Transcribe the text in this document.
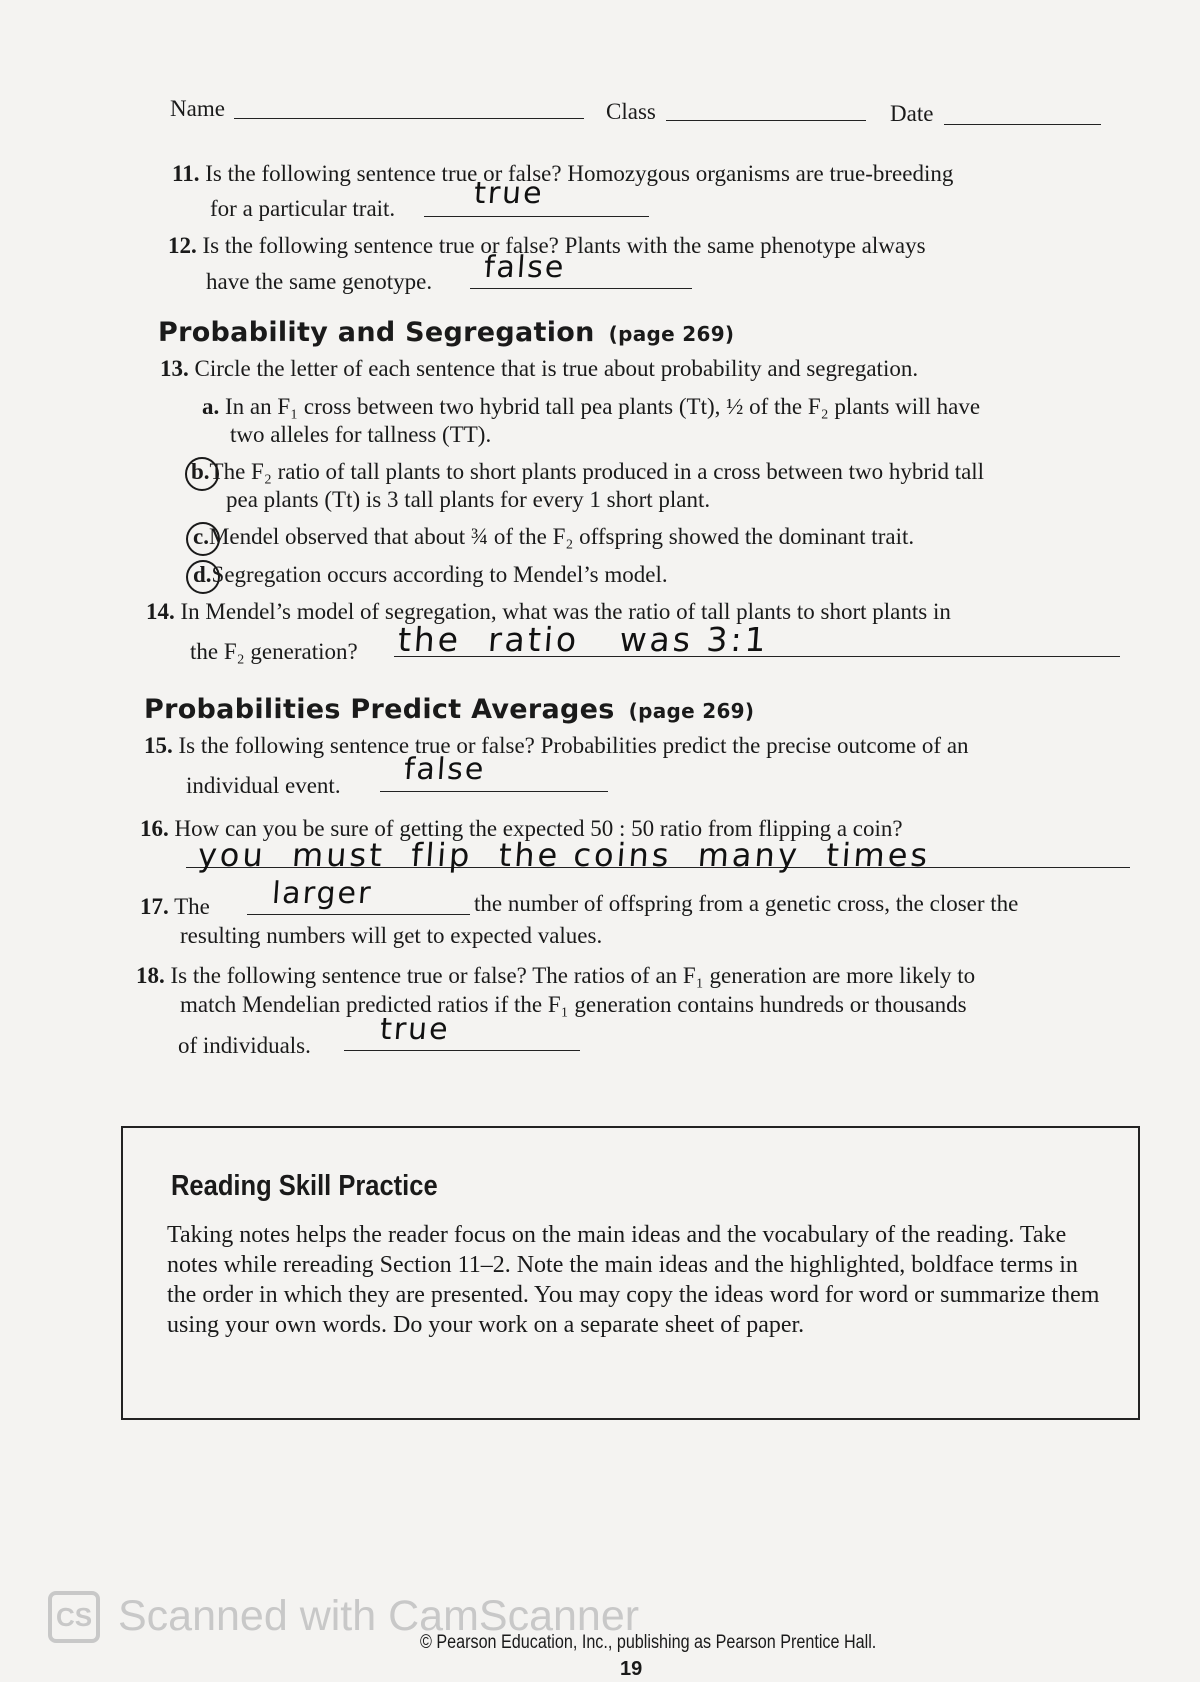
Name	Class	Date
11. Is the following sentence true or false? Homozygous organisms are true-breeding
for a particular trait.	true
12. Is the following sentence true or false? Plants with the same phenotype always
have the same genotype. false
Probability and Segregation (page 269)
13. Circle the letter of each sentence that is true about probability and segregation.
a. In an F₁ cross between two hybrid tall pea plants (Tt), ½ of the F₂ plants will have
two alleles for tallness (TT).
b.The F₂ ratio of tall plants to short plants produced in a cross between two hybrid tall
pea plants (Tt) is 3 tall plants for every 1 short plant.
c.Mendel observed that about ¾ of the F₂ offspring showed the dominant trait.
d.Segregation occurs according to Mendel’s model.
14. In Mendel’s model of segregation, what was the ratio of tall plants to short plants in
the F₂ generation? the  ratio   was 3:1
Probabilities Predict Averages (page 269)
15. Is the following sentence true or false? Probabilities predict the precise outcome of an
individual event. false
16. How can you be sure of getting the expected 50 : 50 ratio from flipping a coin?
you  must  flip  the coins  many  times
17. The larger	the number of offspring from a genetic cross, the closer the
resulting numbers will get to expected values.
18. Is the following sentence true or false? The ratios of an F₁ generation are more likely to
match Mendelian predicted ratios if the F₁ generation contains hundreds or thousands
of individuals. true
Reading Skill Practice
Taking notes helps the reader focus on the main ideas and the vocabulary of the reading. Take notes while rereading Section 11–2. Note the main ideas and the highlighted, boldface terms in the order in which they are presented. You may copy the ideas word for word or summarize them using your own words. Do your work on a separate sheet of paper.
CS Scanned with CamScanner
© Pearson Education, Inc., publishing as Pearson Prentice Hall.
19
